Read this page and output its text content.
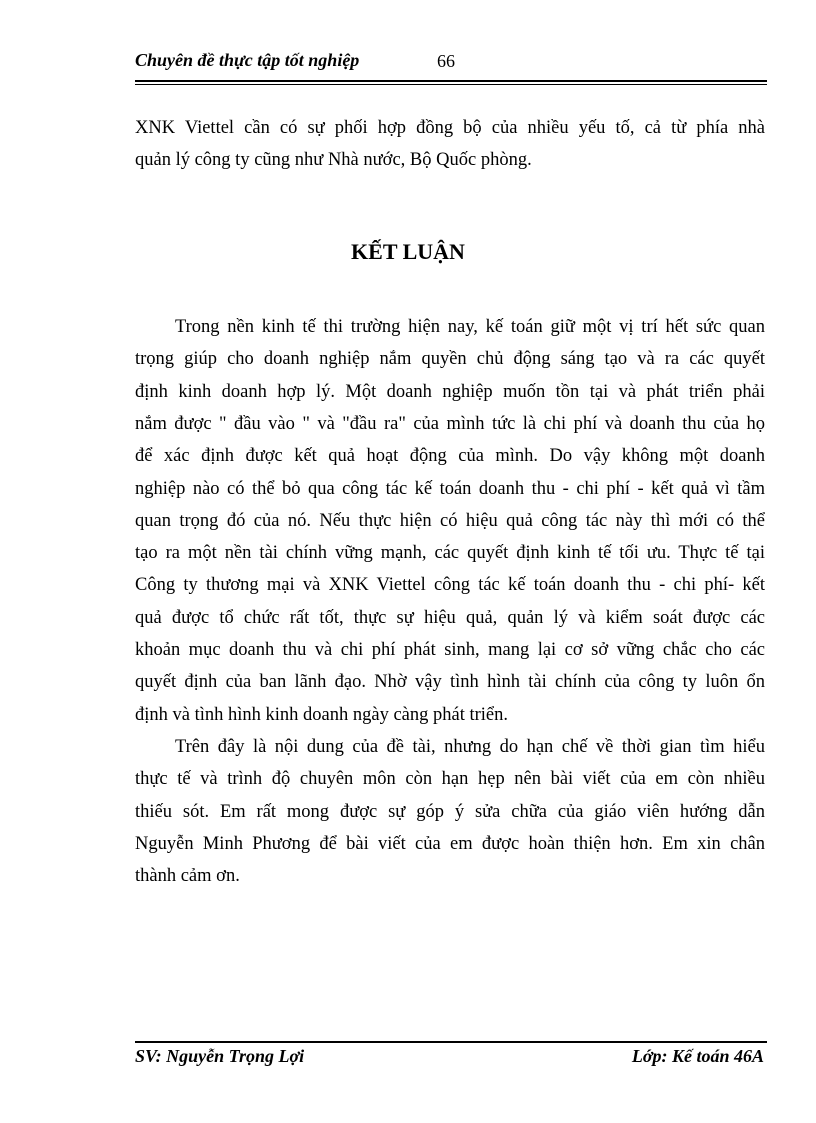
Chuyên đề thực tập tốt nghiệp	66
XNK Viettel cần có sự phối hợp đồng bộ của nhiều yếu tố, cả từ phía nhà
quản lý công ty cũng như Nhà nước, Bộ Quốc phòng.
KẾT LUẬN
Trong nền kinh tế thi trường hiện nay, kế toán giữ một vị trí hết sức quan
trọng giúp cho doanh nghiệp nắm quyền chủ động sáng tạo và ra các quyết
định kinh doanh hợp lý. Một doanh nghiệp muốn tồn tại và phát triển phải
nắm được " đầu vào " và "đầu ra" của mình tức là chi phí và doanh thu của họ
để xác định được kết quả hoạt động của mình. Do vậy không một doanh
nghiệp nào có thể bỏ qua công tác kế toán doanh thu - chi phí - kết quả vì tầm
quan trọng đó của nó. Nếu thực hiện có hiệu quả công tác này thì mới có thể
tạo ra một nền tài chính vững mạnh, các quyết định kinh tế tối ưu. Thực tế tại
Công ty thương mại và XNK Viettel công tác kế toán doanh thu - chi phí- kết
quả được tổ chức rất tốt, thực sự hiệu quả, quản lý và kiểm soát được các
khoản mục doanh thu và chi phí phát sinh, mang lại cơ sở vững chắc cho các
quyết định của ban lãnh đạo. Nhờ vậy tình hình tài chính của công ty luôn ổn
định và tình hình kinh doanh ngày càng phát triển.
Trên đây là nội dung của đề tài, nhưng do hạn chế về thời gian tìm hiểu
thực tế và trình độ chuyên môn còn hạn hẹp nên bài viết của em còn nhiều
thiếu sót. Em rất mong được sự góp ý sửa chữa của giáo viên hướng dẫn
Nguyễn Minh Phương để bài viết của em được hoàn thiện hơn. Em xin chân
thành cảm ơn.
SV: Nguyễn Trọng Lợi	Lớp: Kế toán 46A
